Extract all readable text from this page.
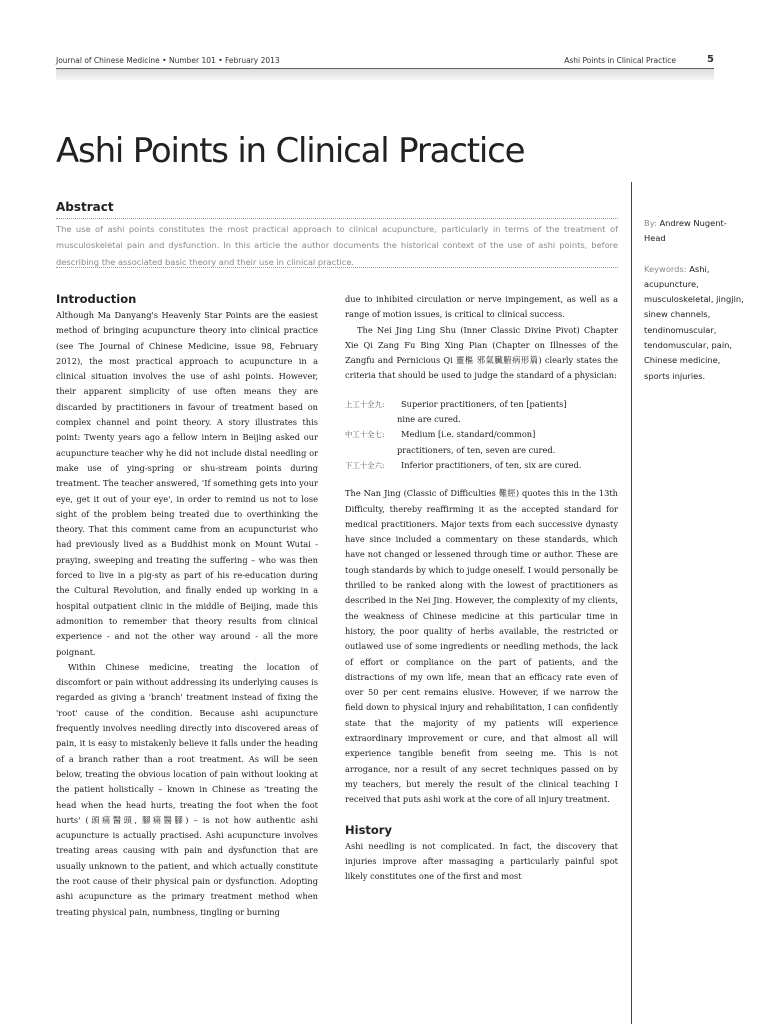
Journal of Chinese Medicine • Number 101 • February 2013	Ashi Points in Clinical Practice	5
Ashi Points in Clinical Practice
Abstract

The use of ashi points constitutes the most practical approach to clinical acupuncture, particularly in terms of the treatment of musculoskeletal pain and dysfunction. In this article the author documents the historical context of the use of ashi points, before describing the associated basic theory and their use in clinical practice.

By: Andrew Nugent-Head
Keywords: Ashi, acupuncture, musculoskeletal, jingjin, sinew channels, tendinomuscular, tendomuscular, pain, Chinese medicine, sports injuries.
Introduction

Although Ma Danyang's Heavenly Star Points are the easiest method of bringing acupuncture theory into clinical practice (see The Journal of Chinese Medicine, issue 98, February 2012), the most practical approach to acupuncture in a clinical situation involves the use of ashi points. However, their apparent simplicity of use often means they are discarded by practitioners in favour of treatment based on complex channel and point theory. A story illustrates this point: Twenty years ago a fellow intern in Beijing asked our acupuncture teacher why he did not include distal needling or make use of ying-spring or shu-stream points during treatment. The teacher answered, 'If something gets into your eye, get it out of your eye', in order to remind us not to lose sight of the problem being treated due to overthinking the theory. That this comment came from an acupuncturist who had previously lived as a Buddhist monk on Mount Wutai - praying, sweeping and treating the suffering – who was then forced to live in a pig-sty as part of his re-education during the Cultural Revolution, and finally ended up working in a hospital outpatient clinic in the middle of Beijing, made this admonition to remember that theory results from clinical experience - and not the other way around - all the more poignant.

Within Chinese medicine, treating the location of discomfort or pain without addressing its underlying causes is regarded as giving a 'branch' treatment instead of fixing the 'root' cause of the condition. Because ashi acupuncture frequently involves needling directly into discovered areas of pain, it is easy to mistakenly believe it falls under the heading of a branch rather than a root treatment. As will be seen below, treating the obvious location of pain without looking at the patient holistically – known in Chinese as 'treating the head when the head hurts, treating the foot when the foot hurts' (頭痛醫頭, 腳痛醫腳) – is not how authentic ashi acupuncture is actually practised. Ashi acupuncture involves treating areas causing with pain and dysfunction that are usually unknown to the patient, and which actually constitute the root cause of their physical pain or dysfunction. Adopting ashi acupuncture as the primary treatment method when treating physical pain, numbness, tingling or burning

due to inhibited circulation or nerve impingement, as well as a range of motion issues, is critical to clinical success.

The Nei Jing Ling Shu (Inner Classic Divine Pivot) Chapter Xie Qi Zang Fu Bing Xing Pian (Chapter on Illnesses of the Zangfu and Pernicious Qi 靈樞 邪氣臟腑病形篇) clearly states the criteria that should be used to judge the standard of a physician:

上工十全九:	Superior practitioners, of ten [patients]
nine are cured.
中工十全七:	Medium [i.e. standard/common]
practitioners, of ten, seven are cured.
下工十全六:	Inferior practitioners, of ten, six are cured.

The Nan Jing (Classic of Difficulties 難經) quotes this in the 13th Difficulty, thereby reaffirming it as the accepted standard for medical practitioners. Major texts from each successive dynasty have since included a commentary on these standards, which have not changed or lessened through time or author. These are tough standards by which to judge oneself. I would personally be thrilled to be ranked along with the lowest of practitioners as described in the Nei Jing. However, the complexity of my clients, the weakness of Chinese medicine at this particular time in history, the poor quality of herbs available, the restricted or outlawed use of some ingredients or needling methods, the lack of effort or compliance on the part of patients, and the distractions of my own life, mean that an efficacy rate even of over 50 per cent remains elusive. However, if we narrow the field down to physical injury and rehabilitation, I can confidently state that the majority of my patients will experience extraordinary improvement or cure, and that almost all will experience tangible benefit from seeing me. This is not arrogance, nor a result of any secret techniques passed on by my teachers, but merely the result of the clinical teaching I received that puts ashi work at the core of all injury treatment.

History

Ashi needling is not complicated. In fact, the discovery that injuries improve after massaging a particularly painful spot likely constitutes one of the first and most
